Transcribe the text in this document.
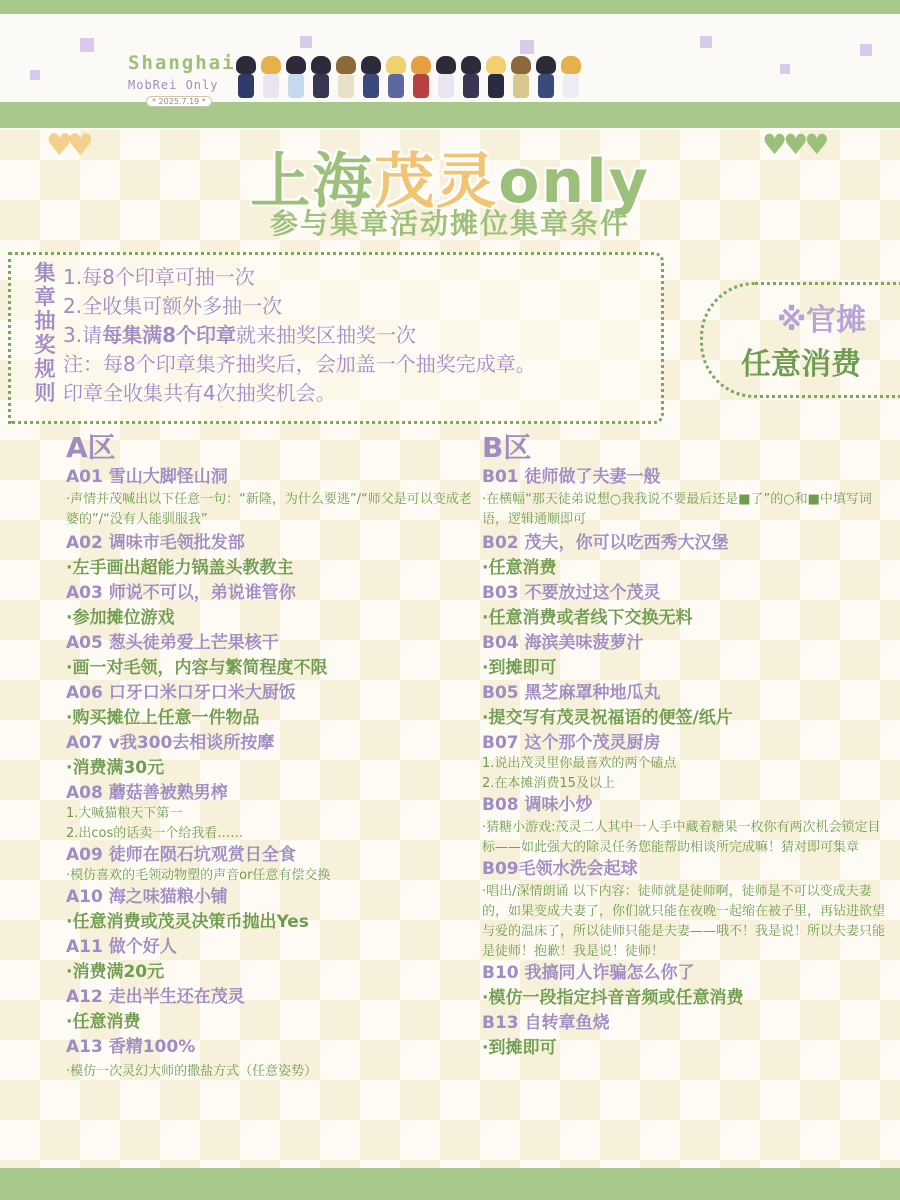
Shanghai
MobRei Only
* 2025.7.19 *
♥♥	♥♥♥
上海茂灵only
参与集章活动摊位集章条件
集章抽奖规则
1.每8个印章可抽一次
2.全收集可额外多抽一次
3.请每集满8个印章就来抽奖区抽奖一次
注：每8个印章集齐抽奖后，会加盖一个抽奖完成章。
印章全收集共有4次抽奖机会。
※官摊
任意消费
A区
A01 雪山大脚怪山洞
·声情并茂喊出以下任意一句：“新隆，为什么要逃”/“师父是可以变成老婆的”/“没有人能驯服我”
A02 调味市毛领批发部
·左手画出超能力锅盖头教教主
A03 师说不可以，弟说谁管你
·参加摊位游戏
A05 葱头徒弟爱上芒果核干
·画一对毛领，内容与繁简程度不限
A06 口牙口米口牙口米大厨饭
·购买摊位上任意一件物品
A07 v我300去相谈所按摩
·消费满30元
A08 蘑菇善被熟男榨
1.大喊猫粮天下第一
2.出cos的话卖一个给我看……
A09 徒师在陨石坑观赏日全食
·模仿喜欢的毛领动物塑的声音or任意有偿交换
A10 海之味猫粮小铺
·任意消费或茂灵决策币抛出Yes
A11 做个好人
·消费满20元
A12 走出半生还在茂灵
·任意消费
A13 香精100%
·模仿一次灵幻大师的撒盐方式（任意姿势）
B区
B01 徒师做了夫妻一般
·在横幅“那天徒弟说想○我我说不要最后还是■了”的○和■中填写词语，逻辑通顺即可
B02 茂夫，你可以吃西秀大汉堡
·任意消费
B03 不要放过这个茂灵
·任意消费或者线下交换无料
B04 海滨美味菠萝汁
·到摊即可
B05 黑芝麻罩种地瓜丸
·提交写有茂灵祝福语的便签/纸片
B07 这个那个茂灵厨房
1.说出茂灵里你最喜欢的两个磕点
2.在本摊消费15及以上
B08 调味小炒
·猜糖小游戏:茂灵二人其中一人手中藏着糖果一枚你有两次机会锁定目标——如此强大的除灵任务您能帮助相谈所完成嘛！猜对即可集章
B09毛领水洗会起球
·唱出/深情朗诵 以下内容：徒师就是徒师啊，徒师是不可以变成夫妻的，如果变成夫妻了，你们就只能在夜晚一起缩在被子里，再钻进欲望与爱的温床了，所以徒师只能是夫妻——哦不！我是说！所以夫妻只能是徒师！抱歉！我是说！徒师！
B10 我搞同人诈骗怎么你了
·模仿一段指定抖音音频或任意消费
B13 自转章鱼烧
·到摊即可
